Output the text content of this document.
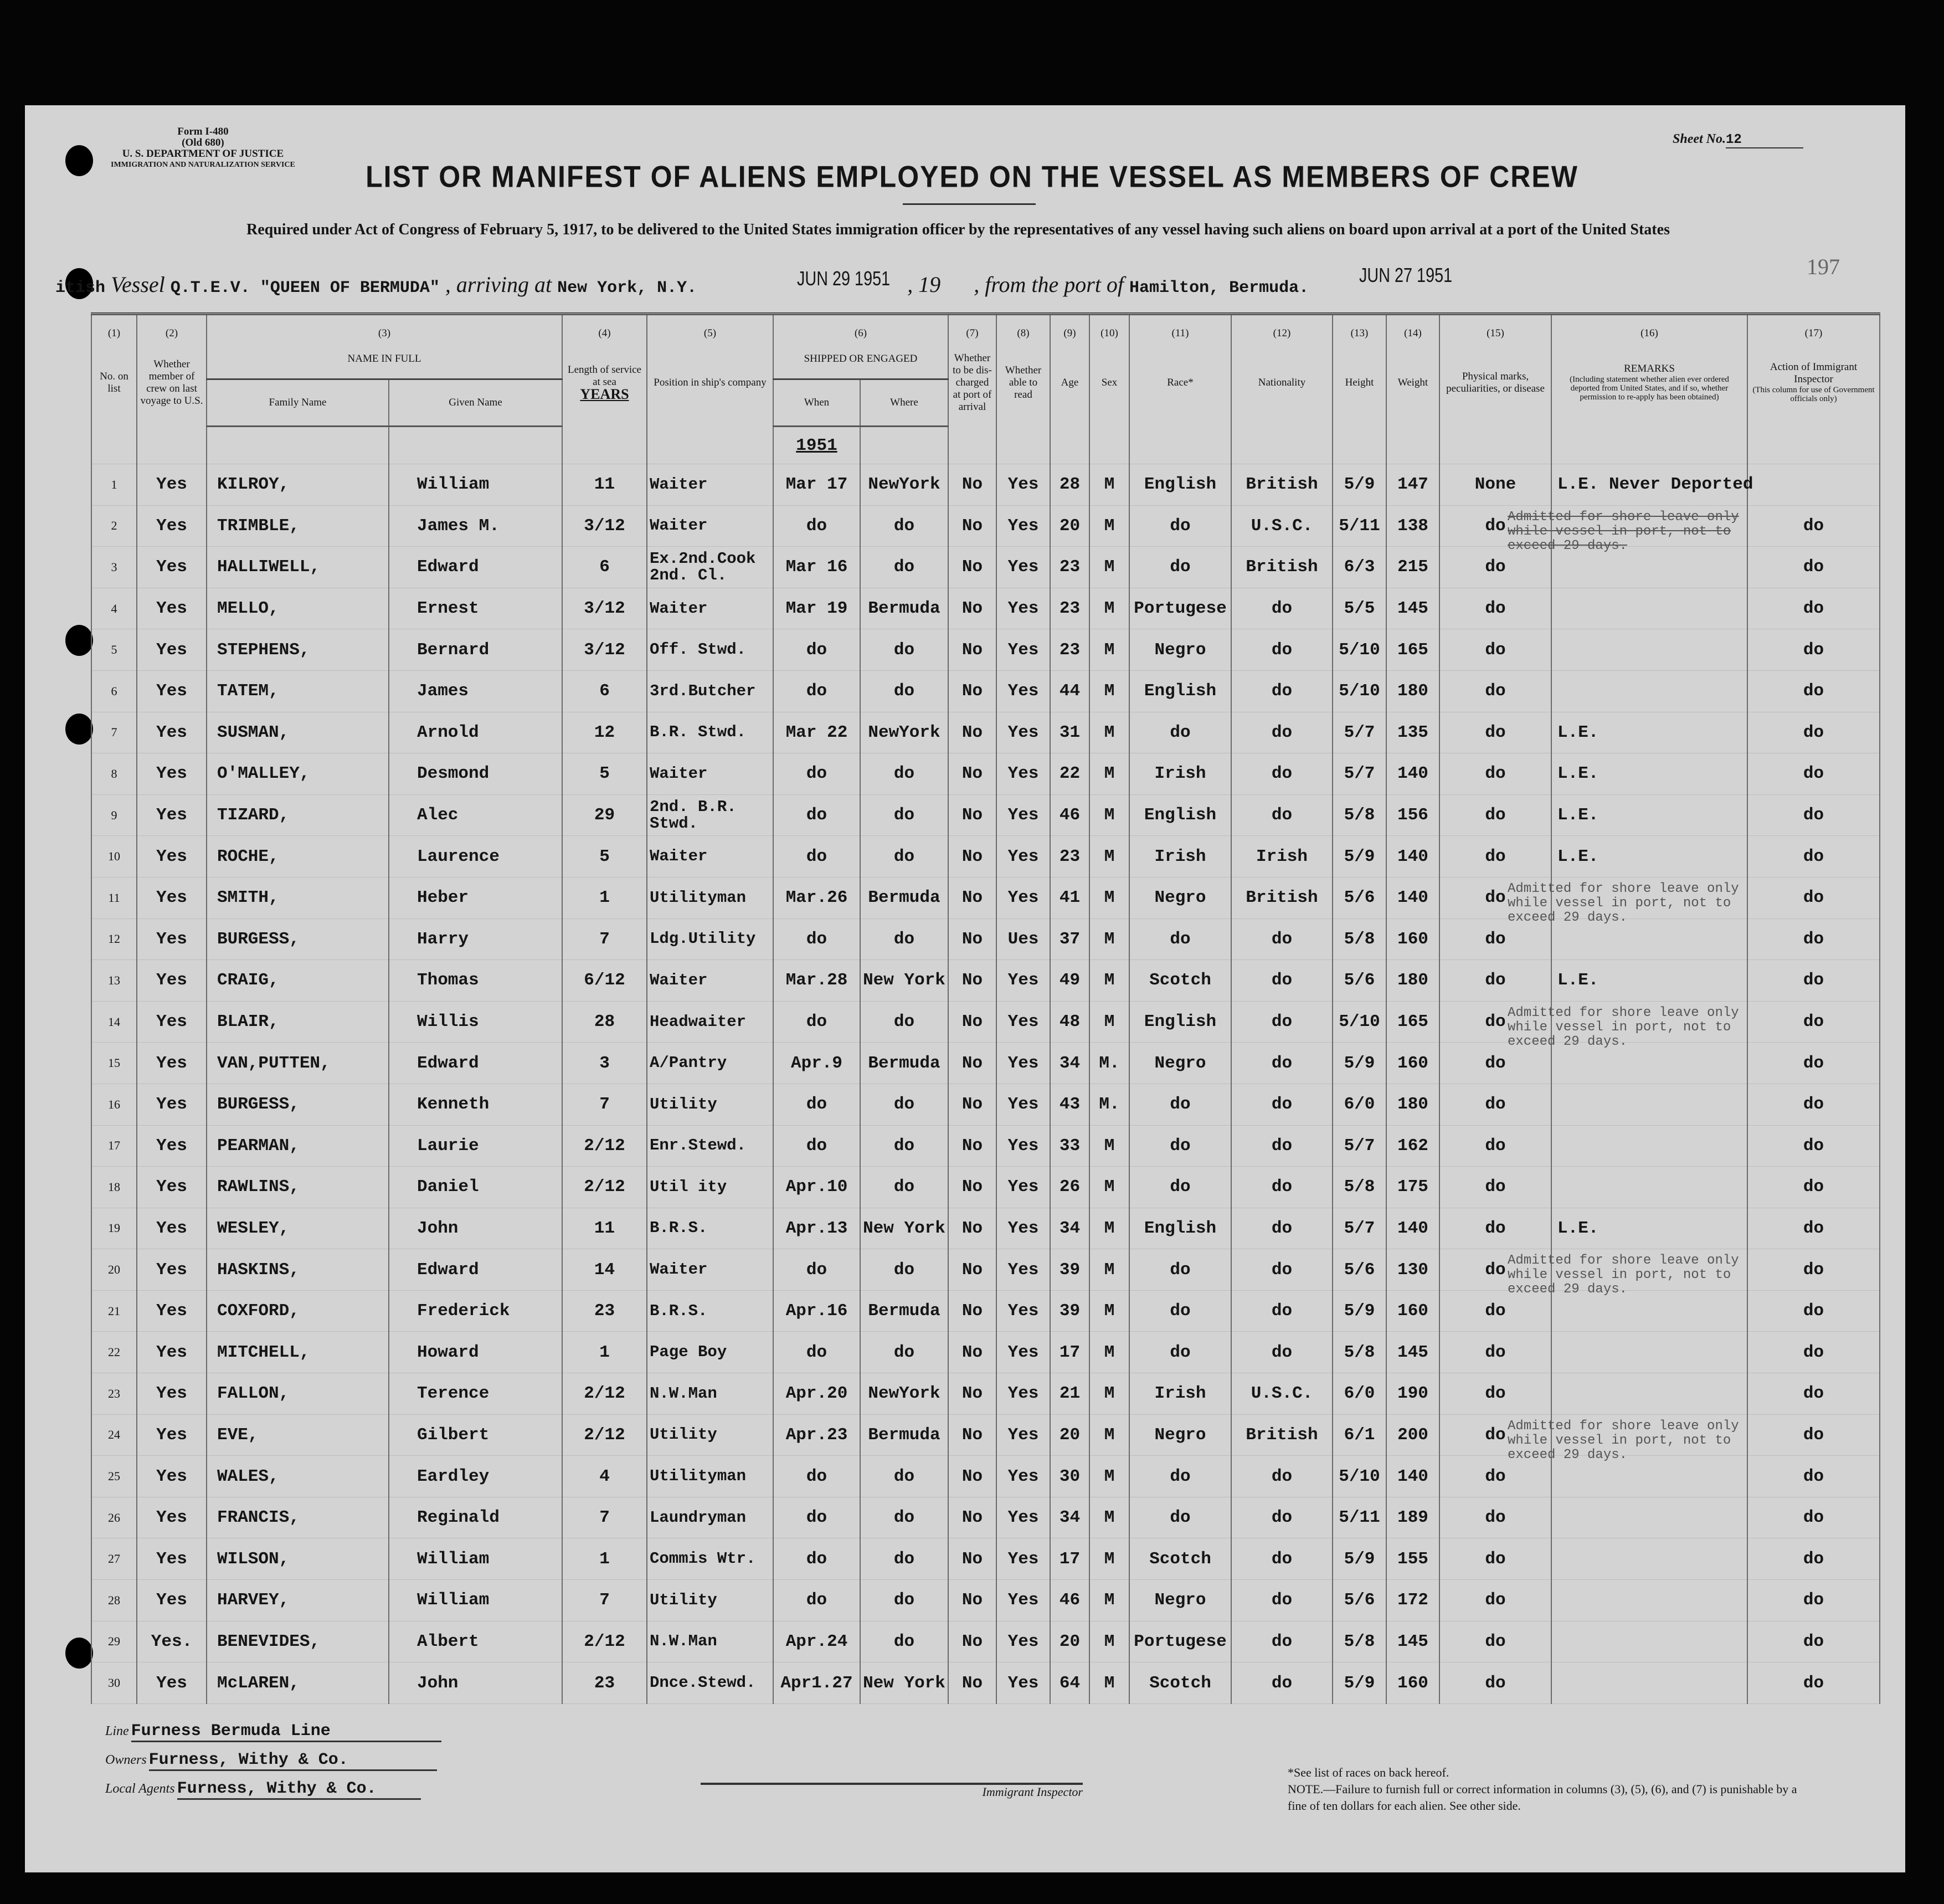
Form I-480
(Old 680)
U. S. DEPARTMENT OF JUSTICE
IMMIGRATION AND NATURALIZATION SERVICE
Sheet No.12
LIST OR MANIFEST OF ALIENS EMPLOYED ON THE VESSEL AS MEMBERS OF CREW
Required under Act of Congress of February 5, 1917, to be delivered to the United States immigration officer by the representatives of any vessel having such aliens on board upon arrival at a port of the United States
197
itish Vessel Q.T.E.V. "QUEEN OF BERMUDA" , arriving at New York, N.Y.	JUN 29 1951 , 19 , from the port of Hamilton, Bermuda.  JUN 27 1951
(1)	(2)	(3)		(4)	(5)	(6)		(7)	(8)	(9)	(10)	(11)	(12)	(13)	(14)	(15)	(16)	(17)
No. on list	Whether member of crew on last voyage to U.S.	NAME IN FULL		Length of service at sea
YEARS	Position in ship's company	SHIPPED OR ENGAGED		Whether to be dis-charged at port of arrival	Whether able to read	Age	Sex	Race*	Nationality	Height	Weight	Physical marks, peculiarities, or disease	REMARKS
(Including statement whether alien ever ordered deported from United States, and if so, whether permission to re-apply has been obtained)	Action of Immigrant Inspector
(This column for use of Government officials only)
		Family Name	Given Name			When	Where											
						1951												
1	Yes	KILROY,	William	11	Waiter	Mar 17	NewYork	No	Yes	28	M	English	British	5/9	147	None	L.E. Never Deported	
2	Yes	TRIMBLE,	James M.	3/12	Waiter	do	do	No	Yes	20	M	do	U.S.C.	5/11	138	do	Admitted for shore leave only
while vessel in port, not to
exceed 29 days.	do
3	Yes	HALLIWELL,	Edward	6	Ex.2nd.Cook 2nd. Cl.	Mar 16	do	No	Yes	23	M	do	British	6/3	215	do		do
4	Yes	MELLO,	Ernest	3/12	Waiter	Mar 19	Bermuda	No	Yes	23	M	Portugese	do	5/5	145	do		do
5	Yes	STEPHENS,	Bernard	3/12	Off. Stwd.	do	do	No	Yes	23	M	Negro	do	5/10	165	do		do
6	Yes	TATEM,	James	6	3rd.Butcher	do	do	No	Yes	44	M	English	do	5/10	180	do		do
7	Yes	SUSMAN,	Arnold	12	B.R. Stwd.	Mar 22	NewYork	No	Yes	31	M	do	do	5/7	135	do	L.E.	do
8	Yes	O'MALLEY,	Desmond	5	Waiter	do	do	No	Yes	22	M	Irish	do	5/7	140	do	L.E.	do
9	Yes	TIZARD,	Alec	29	2nd. B.R. Stwd.	do	do	No	Yes	46	M	English	do	5/8	156	do	L.E.	do
10	Yes	ROCHE,	Laurence	5	Waiter	do	do	No	Yes	23	M	Irish	Irish	5/9	140	do	L.E.	do
11	Yes	SMITH,	Heber	1	Utilityman	Mar.26	Bermuda	No	Yes	41	M	Negro	British	5/6	140	do	Admitted for shore leave only
while vessel in port, not to
exceed 29 days.	do
12	Yes	BURGESS,	Harry	7	Ldg.Utility	do	do	No	Ues	37	M	do	do	5/8	160	do		do
13	Yes	CRAIG,	Thomas	6/12	Waiter	Mar.28	New York	No	Yes	49	M	Scotch	do	5/6	180	do	L.E.	do
14	Yes	BLAIR,	Willis	28	Headwaiter	do	do	No	Yes	48	M	English	do	5/10	165	do	Admitted for shore leave only
while vessel in port, not to
exceed 29 days.	do
15	Yes	VAN,PUTTEN,	Edward	3	A/Pantry	Apr.9	Bermuda	No	Yes	34	M.	Negro	do	5/9	160	do		do
16	Yes	BURGESS,	Kenneth	7	Utility	do	do	No	Yes	43	M.	do	do	6/0	180	do		do
17	Yes	PEARMAN,	Laurie	2/12	Enr.Stewd.	do	do	No	Yes	33	M	do	do	5/7	162	do		do
18	Yes	RAWLINS,	Daniel	2/12	Util ity	Apr.10	do	No	Yes	26	M	do	do	5/8	175	do		do
19	Yes	WESLEY,	John	11	B.R.S.	Apr.13	New York	No	Yes	34	M	English	do	5/7	140	do	L.E.	do
20	Yes	HASKINS,	Edward	14	Waiter	do	do	No	Yes	39	M	do	do	5/6	130	do	Admitted for shore leave only
while vessel in port, not to
exceed 29 days.	do
21	Yes	COXFORD,	Frederick	23	B.R.S.	Apr.16	Bermuda	No	Yes	39	M	do	do	5/9	160	do		do
22	Yes	MITCHELL,	Howard	1	Page Boy	do	do	No	Yes	17	M	do	do	5/8	145	do		do
23	Yes	FALLON,	Terence	2/12	N.W.Man	Apr.20	NewYork	No	Yes	21	M	Irish	U.S.C.	6/0	190	do		do
24	Yes	EVE,	Gilbert	2/12	Utility	Apr.23	Bermuda	No	Yes	20	M	Negro	British	6/1	200	do	Admitted for shore leave only
while vessel in port, not to
exceed 29 days.	do
25	Yes	WALES,	Eardley	4	Utilityman	do	do	No	Yes	30	M	do	do	5/10	140	do		do
26	Yes	FRANCIS,	Reginald	7	Laundryman	do	do	No	Yes	34	M	do	do	5/11	189	do		do
27	Yes	WILSON,	William	1	Commis Wtr.	do	do	No	Yes	17	M	Scotch	do	5/9	155	do		do
28	Yes	HARVEY,	William	7	Utility	do	do	No	Yes	46	M	Negro	do	5/6	172	do		do
29	Yes.	BENEVIDES,	Albert	2/12	N.W.Man	Apr.24	do	No	Yes	20	M	Portugese	do	5/8	145	do		do
30	Yes	McLAREN,	John	23	Dnce.Stewd.	Apr1.27	New York	No	Yes	64	M	Scotch	do	5/9	160	do		do
Line Furness Bermuda Line
Owners Furness, Withy & Co.
Local Agents Furness, Withy & Co.	Immigrant Inspector
*See list of races on back hereof.
NOTE.—Failure to furnish full or correct information in columns (3), (5), (6), and (7) is punishable by a fine of ten dollars for each alien. See other side.
